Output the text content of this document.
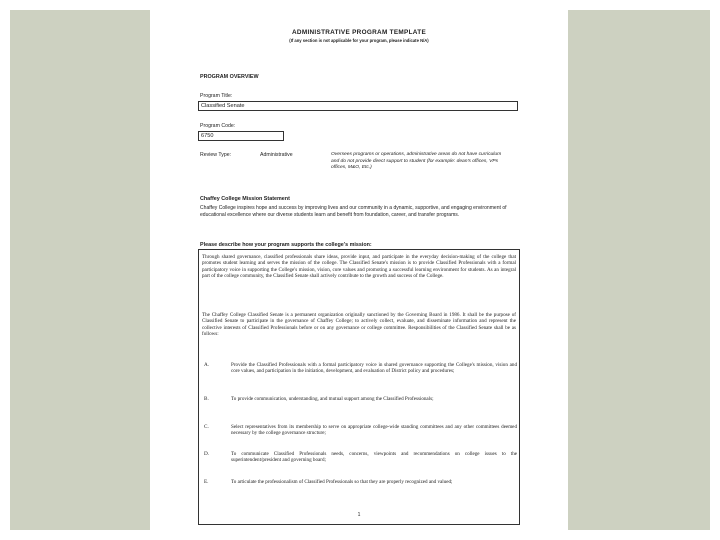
ADMINISTRATIVE PROGRAM TEMPLATE
(If any section is not applicable for your program, please indicate N/A)
PROGRAM OVERVIEW
Program Title:
Classified Senate
Program Code:
6750
Review Type:	Administrative	Oversees programs or operations, administrative areas do not have curriculum and do not provide direct support to student (for example: dean's offices, VPs offices, M&O, Etc.)
Chaffey College Mission Statement
Chaffey College inspires hope and success by improving lives and our community in a dynamic, supportive, and engaging environment of educational excellence where our diverse students learn and benefit from foundation, career, and transfer programs.
Please describe how your program supports the college's mission:
Through shared governance, classified professionals share ideas, provide input, and participate in the everyday decision-making of the college that promotes student learning and serves the mission of the college. The Classified Senate's mission is to provide Classified Professionals with a formal participatory voice in supporting the College's mission, vision, core values and promoting a successful learning environment for students. As an integral part of the college community, the Classified Senate shall actively contribute to the growth and success of the College.
The Chaffey College Classified Senate is a permanent organization originally sanctioned by the Governing Board in 1986. It shall be the purpose of Classified Senate to participate in the governance of Chaffey College; to actively collect, evaluate, and disseminate information and represent the collective interests of Classified Professionals before or on any governance or college committee. Responsibilities of the Classified Senate shall be as follows:
A.	Provide the Classified Professionals with a formal participatory voice in shared governance supporting the College's mission, vision and core values, and participation in the initiation, development, and evaluation of District policy and procedures;
B.	To provide communication, understanding, and mutual support among the Classified Professionals;
C.	Select representatives from its membership to serve on appropriate college-wide standing committees and any other committees deemed necessary by the college governance structure;
D.	To communicate Classified Professionals needs, concerns, viewpoints and recommendations on college issues to the superintendent/president and governing board;
E.	To articulate the professionalism of Classified Professionals so that they are properly recognized and valued;
1
